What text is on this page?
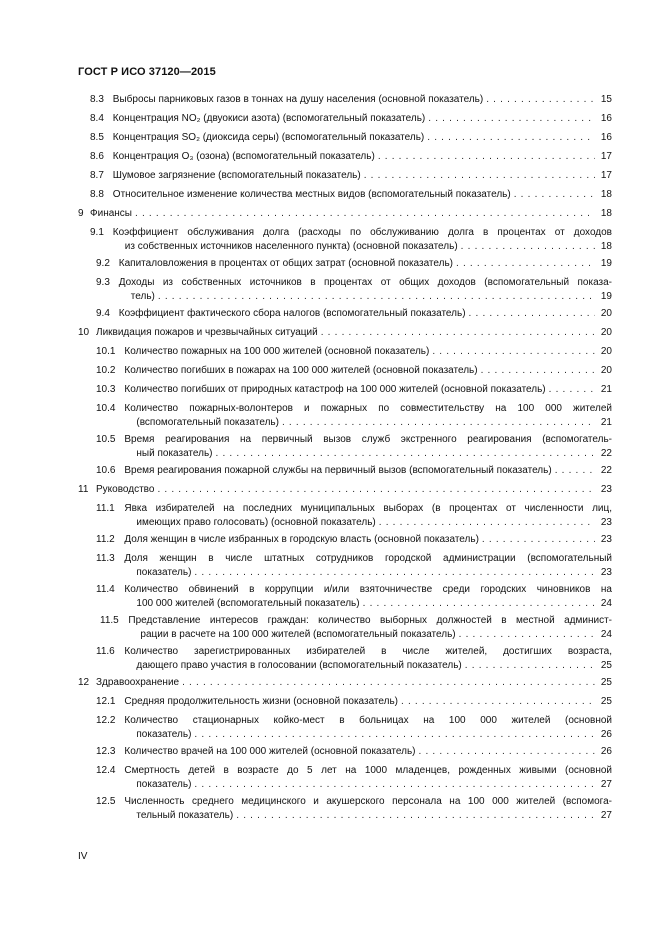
ГОСТ Р ИСО 37120—2015
8.3 Выбросы парниковых газов в тоннах на душу населения (основной показатель) . . .	15
8.4 Концентрация NO₂ (двуокиси азота) (вспомогательный показатель) . . .	16
8.5 Концентрация SO₂ (диоксида серы) (вспомогательный показатель) . . .	16
8.6 Концентрация O₃ (озона) (вспомогательный показатель) . . .	17
8.7 Шумовое загрязнение (вспомогательный показатель) . . .	17
8.8 Относительное изменение количества местных видов (вспомогательный показатель) . . .	18
9 Финансы . . .	18
9.1 Коэффициент обслуживания долга (расходы по обслуживанию долга в процентах от доходов
из собственных источников населенного пункта) (основной показатель) . . .	18
9.2 Капиталовложения в процентах от общих затрат (основной показатель) . . .	19
9.3 Доходы из собственных источников в процентах от общих доходов (вспомогательный показа-
тель) . . .	19
9.4 Коэффициент фактического сбора налогов (вспомогательный показатель) . . .	20
10 Ликвидация пожаров и чрезвычайных ситуаций . . .	20
10.1 Количество пожарных на 100 000 жителей (основной показатель) . . .	20
10.2 Количество погибших в пожарах на 100 000 жителей (основной показатель) . . .	20
10.3 Количество погибших от природных катастроф на 100 000 жителей (основной показатель) . . .	21
10.4 Количество пожарных-волонтеров и пожарных по совместительству на 100 000 жителей
(вспомогательный показатель) . . .	21
10.5 Время реагирования на первичный вызов служб экстренного реагирования (вспомогатель-
ный показатель) . . .	22
10.6 Время реагирования пожарной службы на первичный вызов (вспомогательный показатель) . . .	22
11 Руководство . . .	23
11.1 Явка избирателей на последних муниципальных выборах (в процентах от численности лиц,
имеющих право голосовать) (основной показатель) . . .	23
11.2 Доля женщин в числе избранных в городскую власть (основной показатель) . . .	23
11.3 Доля женщин в числе штатных сотрудников городской администрации (вспомогательный
показатель) . . .	23
11.4 Количество обвинений в коррупции и/или взяточничестве среди городских чиновников на
100 000 жителей (вспомогательный показатель) . . .	24
11.5 Представление интересов граждан: количество выборных должностей в местной админист-
рации в расчете на 100 000 жителей (вспомогательный показатель) . . .	24
11.6 Количество зарегистрированных избирателей в числе жителей, достигших возраста,
дающего право участия в голосовании (вспомогательный показатель) . . .	25
12 Здравоохранение . . .	25
12.1 Средняя продолжительность жизни (основной показатель) . . .	25
12.2 Количество стационарных койко-мест в больницах на 100 000 жителей (основной
показатель) . . .	26
12.3 Количество врачей на 100 000 жителей (основной показатель) . . .	26
12.4 Смертность детей в возрасте до 5 лет на 1000 младенцев, рожденных живыми (основной
показатель) . . .	27
12.5 Численность среднего медицинского и акушерского персонала на 100 000 жителей (вспомога-
тельный показатель) . . .	27
IV
